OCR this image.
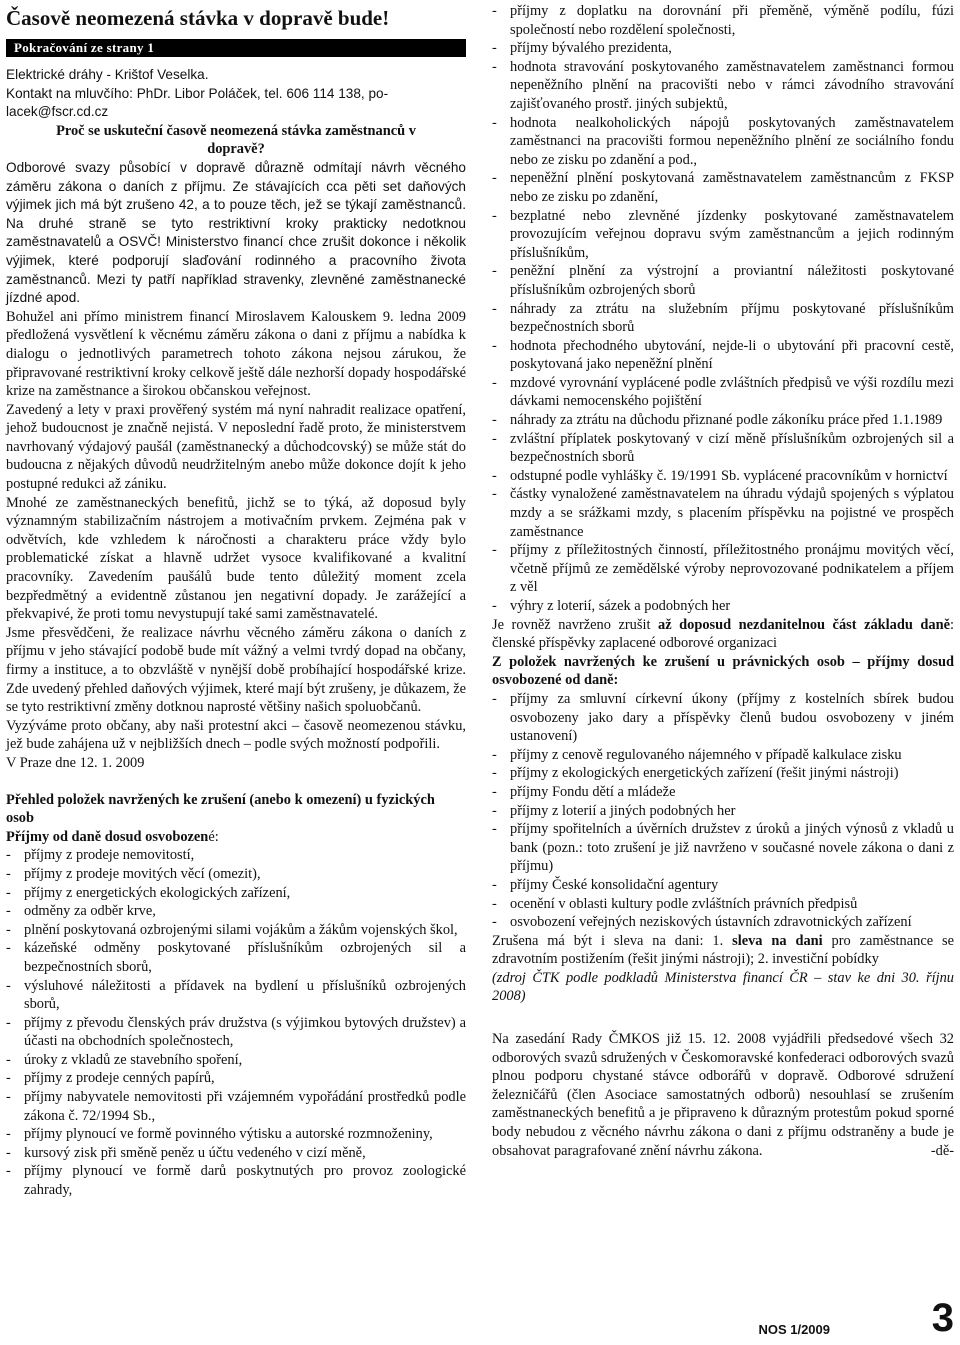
Časově neomezená stávka v dopravě bude!
Pokračování ze strany 1

Elektrické dráhy - Krištof Veselka.

Kontakt na mluvčího: PhDr. Libor Poláček, tel. 606 114 138, po-lacek@fscr.cd.cz

Proč se uskuteční časově neomezená stávka zaměstnanců v dopravě?

Odborové svazy působící v dopravě důrazně odmítají návrh věcného záměru zákona o daních z příjmu. Ze stávajících cca pěti set daňových výjimek jich má být zrušeno 42, a to pouze těch, jež se týkají zaměstnanců. Na druhé straně se tyto restriktivní kroky prakticky nedotknou zaměstnavatelů a OSVČ! Ministerstvo financí chce zrušit dokonce i několik výjimek, které podporují slaďování rodinného a pracovního života zaměstnanců. Mezi ty patří například stravenky, zlevněné zaměstnanecké jízdné apod.

Bohužel ani přímo ministrem financí Miroslavem Kalouskem 9. ledna 2009 předložená vysvětlení k věcnému záměru zákona o dani z příjmu a nabídka k dialogu o jednotlivých parametrech tohoto zákona nejsou zárukou, že připravované restriktivní kroky celkově ještě dále nezhorší dopady hospodářské krize na zaměstnance a širokou občanskou veřejnost.

Zavedený a lety v praxi prověřený systém má nyní nahradit realizace opatření, jehož budoucnost je značně nejistá. V neposlední řadě proto, že ministerstvem navrhovaný výdajový paušál (zaměstnanecký a důchodcovský) se může stát do budoucna z nějakých důvodů neudržitelným anebo může dokonce dojít k jeho postupné redukci až zániku.

Mnohé ze zaměstnaneckých benefitů, jichž se to týká, až doposud byly významným stabilizačním nástrojem a motivačním prvkem. Zejména pak v odvětvích, kde vzhledem k náročnosti a charakteru práce vždy bylo problematické získat a hlavně udržet vysoce kvalifikované a kvalitní pracovníky. Zavedením paušálů bude tento důležitý moment zcela bezpředmětný a evidentně zůstanou jen negativní dopady. Je zarážející a překvapivé, že proti tomu nevystupují také sami zaměstnavatelé.

Jsme přesvědčeni, že realizace návrhu věcného záměru zákona o daních z příjmu v jeho stávající podobě bude mít vážný a velmi tvrdý dopad na občany, firmy a instituce, a to obzvláště v nynější době probíhající hospodářské krize. Zde uvedený přehled daňových výjimek, které mají být zrušeny, je důkazem, že se tyto restriktivní změny dotknou naprosté většiny našich spoluobčanů.

Vyzýváme proto občany, aby naši protestní akci – časově neomezenou stávku, jež bude zahájena už v nejbližších dnech – podle svých možností podpořili.

V Praze dne 12. 1. 2009

Přehled položek navržených ke zrušení (anebo k omezení) u fyzických osob

Příjmy od daně dosud osvobozené:

- příjmy z prodeje nemovitostí,
- příjmy z prodeje movitých věcí (omezit),
- příjmy z energetických ekologických zařízení,
- odměny za odběr krve,
- plnění poskytovaná ozbrojenými silami vojákům a žákům vojenských škol,
- kázeňské odměny poskytované příslušníkům ozbrojených sil a bezpečnostních sborů,
- výsluhové náležitosti a přídavek na bydlení u příslušníků ozbrojených sborů,
- příjmy z převodu členských práv družstva (s výjimkou bytových družstev) a účasti na obchodních společnostech,
- úroky z vkladů ze stavebního spoření,
- příjmy z prodeje cenných papírů,
- příjmy nabyvatele nemovitosti při vzájemném vypořádání prostředků podle zákona č. 72/1994 Sb.,
- příjmy plynoucí ve formě povinného výtisku a autorské rozmnoženiny,
- kursový zisk při směně peněz u účtu vedeného v cizí měně,
- příjmy plynoucí ve formě darů poskytnutých pro provoz zoologické zahrady,
- příjmy z doplatku na dorovnání při přeměně, výměně podílu, fúzi společností nebo rozdělení společnosti,
- příjmy bývalého prezidenta,
- hodnota stravování poskytovaného zaměstnavatelem zaměstnanci formou nepeněžního plnění na pracovišti nebo v rámci závodního stravování zajišťovaného prostř. jiných subjektů,
- hodnota nealkoholických nápojů poskytovaných zaměstnavatelem zaměstnanci na pracovišti formou nepeněžního plnění ze sociálního fondu nebo ze zisku po zdanění a pod.,
- nepeněžní plnění poskytovaná zaměstnavatelem zaměstnancům z FKSP nebo ze zisku po zdanění,
- bezplatné nebo zlevněné jízdenky poskytované zaměstnavatelem provozujícím veřejnou dopravu svým zaměstnancům a jejich rodinným příslušníkům,
- peněžní plnění za výstrojní a proviantní náležitosti poskytované příslušníkům ozbrojených sborů
- náhrady za ztrátu na služebním příjmu poskytované příslušníkům bezpečnostních sborů
- hodnota přechodného ubytování, nejde-li o ubytování při pracovní cestě, poskytovaná jako nepeněžní plnění
- mzdové vyrovnání vyplácené podle zvláštních předpisů ve výši rozdílu mezi dávkami nemocenského pojištění
- náhrady za ztrátu na důchodu přiznané podle zákoníku práce před 1.1.1989
- zvláštní příplatek poskytovaný v cizí měně příslušníkům ozbrojených sil a bezpečnostních sborů
- odstupné podle vyhlášky č. 19/1991 Sb. vyplácené pracovníkům v hornictví
- částky vynaložené zaměstnavatelem na úhradu výdajů spojených s výplatou mzdy a se srážkami mzdy, s placením příspěvku na pojistné ve prospěch zaměstnance
- příjmy z příležitostných činností, příležitostného pronájmu movitých věcí, včetně příjmů ze zemědělské výroby neprovozované podnikatelem a příjem z věl
- výhry z loterií, sázek a podobných her

Je rovněž navrženo zrušit až doposud nezdanitelnou část základu daně: členské příspěvky zaplacené odborové organizaci

Z položek navržených ke zrušení u právnických osob – příjmy dosud osvobozené od daně:

- příjmy za smluvní církevní úkony (příjmy z kostelních sbírek budou osvobozeny jako dary a příspěvky členů budou osvobozeny v jiném ustanovení)
- příjmy z cenově regulovaného nájemného v případě kalkulace zisku
- příjmy z ekologických energetických zařízení (řešit jinými nástroji)
- příjmy Fondu dětí a mládeže
- příjmy z loterií a jiných podobných her
- příjmy spořitelních a úvěrních družstev z úroků a jiných výnosů z vkladů u bank (pozn.: toto zrušení je již navrženo v současné novele zákona o dani z příjmu)
- příjmy České konsolidační agentury
- ocenění v oblasti kultury podle zvláštních právních předpisů
- osvobození veřejných neziskových ústavních zdravotnických zařízení

Zrušena má být i sleva na dani: 1. sleva na dani pro zaměstnance se zdravotním postižením (řešit jinými nástroji); 2. investiční pobídky

(zdroj ČTK podle podkladů Ministerstva financí ČR – stav ke dni 30. říjnu 2008)

Na zasedání Rady ČMKOS již 15. 12. 2008 vyjádřili předsedové všech 32 odborových svazů sdružených v Českomoravské konfederaci odborových svazů plnou podporu chystané stávce odborářů v dopravě. Odborové sdružení železničářů (člen Asociace samostatných odborů) nesouhlasí se zrušením zaměstnaneckých benefitů a je připraveno k důrazným protestům pokud sporné body nebudou z věcného návrhu zákona o dani z příjmu odstraněny a bude je obsahovat paragrafované znění návrhu zákona.	-dě-

NOS 1/2009	3
